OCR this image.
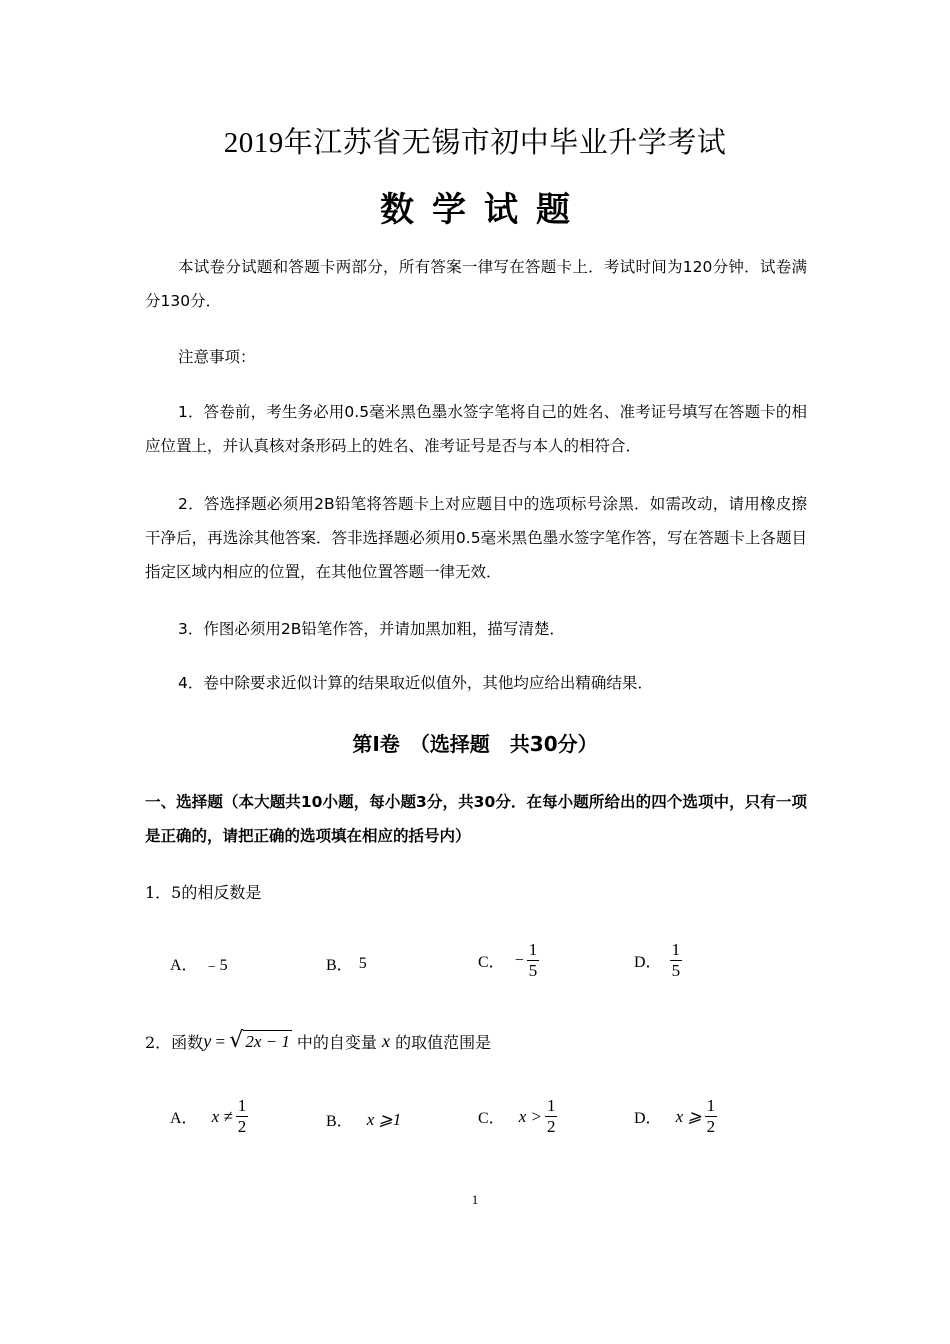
2019年江苏省无锡市初中毕业升学考试
数学试题
本试卷分试题和答题卡两部分，所有答案一律写在答题卡上．考试时间为120分钟．试卷满分130分．
注意事项：
1．答卷前，考生务必用0.5毫米黑色墨水签字笔将自己的姓名、准考证号填写在答题卡的相应位置上，并认真核对条形码上的姓名、准考证号是否与本人的相符合．
2．答选择题必须用2B铅笔将答题卡上对应题目中的选项标号涂黑．如需改动，请用橡皮擦干净后，再选涂其他答案．答非选择题必须用0.5毫米黑色墨水签字笔作答，写在答题卡上各题目指定区域内相应的位置，在其他位置答题一律无效．
3．作图必须用2B铅笔作答，并请加黑加粗，描写清楚．
4．卷中除要求近似计算的结果取近似值外，其他均应给出精确结果．
第Ⅰ卷　（选择题　共30分）
一、选择题（本大题共10小题，每小题3分，共30分．在每小题所给出的四个选项中，只有一项是正确的，请把正确的选项填在相应的括号内）
1．5的相反数是
A． ﹣5	B． 5	C． − $\frac{1}{5}$	D． $\frac{1}{5}$
2．函数 y = √ 2x − 1 中的自变量 x 的取值范围是
A． $x \ne \frac{1}{2}$	B． x ⩾1	C． $x > \frac{1}{2}$	D． x ⩾ $\frac{1}{2}$
1
